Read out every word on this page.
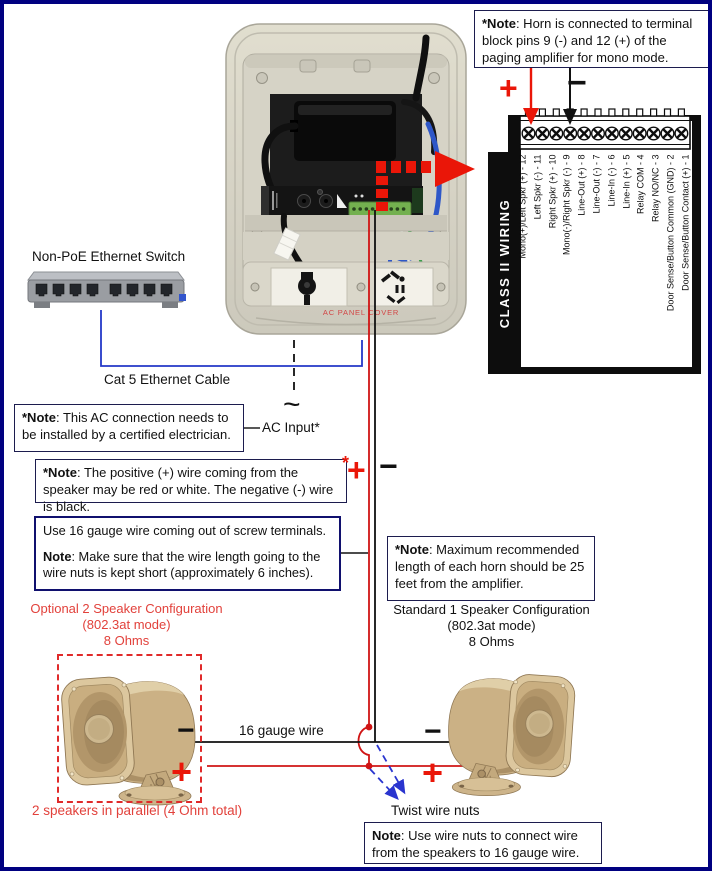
AC PANEL COVER	CLASS II WIRING Mono(+)/Left Spkr (+) - 12 Left Spkr (-) - 11 Right Spkr (+) - 10 Mono(-)/Right Spkr (-) - 9 Line-Out (+) - 8 Line-Out (-) - 7 Line-In (-) - 6 Line-In (+) - 5 Relay COM - 4 Relay NO/NC - 3 Door Sense/Button Common (GND) - 2 Door Sense/Button Contact (+) - 1
*Note: Horn is connected to terminal block pins 9 (-) and 12 (+) of the paging amplifier for mono mode.
*Note: This AC connection needs to be installed by a certified electrician.
*Note: The positive (+) wire coming from the speaker may be red or white. The negative (-) wire is black.
Use 16 gauge wire coming out of screw terminals.
Note: Make sure that the wire length going to the wire nuts is kept short (approximately 6 inches).
*Note: Maximum recommended length of each horn should be 25 feet from the amplifier.
Note: Use wire nuts to connect wire from the speakers to 16 gauge wire.
Non-PoE Ethernet Switch
Cat 5 Ethernet Cable
~
AC Input*
16 gauge wire
2 speakers in parallel (4 Ohm total)	Twist wire nuts
Optional 2 Speaker Configuration
(802.3at mode)
8 Ohms
Standard 1 Speaker Configuration
(802.3at mode)
8 Ohms
+ −
*
+ −
−
+
−
+
